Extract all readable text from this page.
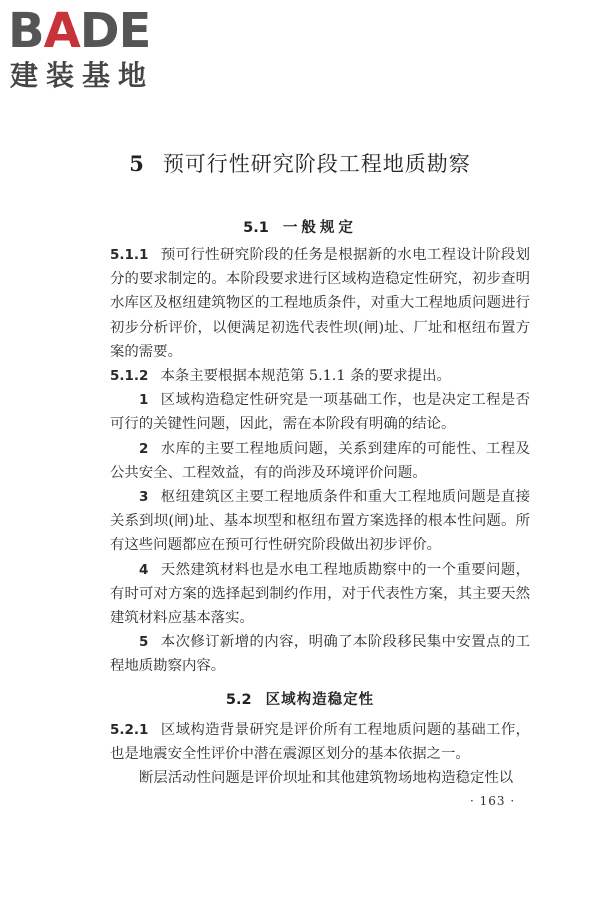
BADE
建装基地
5 预可行性研究阶段工程地质勘察
5.1 一般规定

5.1.1 预可行性研究阶段的任务是根据新的水电工程设计阶段划分的要求制定的。本阶段要求进行区域构造稳定性研究，初步查明水库区及枢纽建筑物区的工程地质条件，对重大工程地质问题进行初步分析评价，以便满足初选代表性坝(闸)址、厂址和枢纽布置方案的需要。

5.1.2 本条主要根据本规范第 5.1.1 条的要求提出。

1 区域构造稳定性研究是一项基础工作，也是决定工程是否可行的关键性问题，因此，需在本阶段有明确的结论。

2 水库的主要工程地质问题，关系到建库的可能性、工程及公共安全、工程效益，有的尚涉及环境评价问题。

3 枢纽建筑区主要工程地质条件和重大工程地质问题是直接关系到坝(闸)址、基本坝型和枢纽布置方案选择的根本性问题。所有这些问题都应在预可行性研究阶段做出初步评价。

4 天然建筑材料也是水电工程地质勘察中的一个重要问题，有时可对方案的选择起到制约作用，对于代表性方案，其主要天然建筑材料应基本落实。

5 本次修订新增的内容，明确了本阶段移民集中安置点的工程地质勘察内容。

5.2 区域构造稳定性

5.2.1 区域构造背景研究是评价所有工程地质问题的基础工作，也是地震安全性评价中潜在震源区划分的基本依据之一。

断层活动性问题是评价坝址和其他建筑物场地构造稳定性以

· 163 ·
